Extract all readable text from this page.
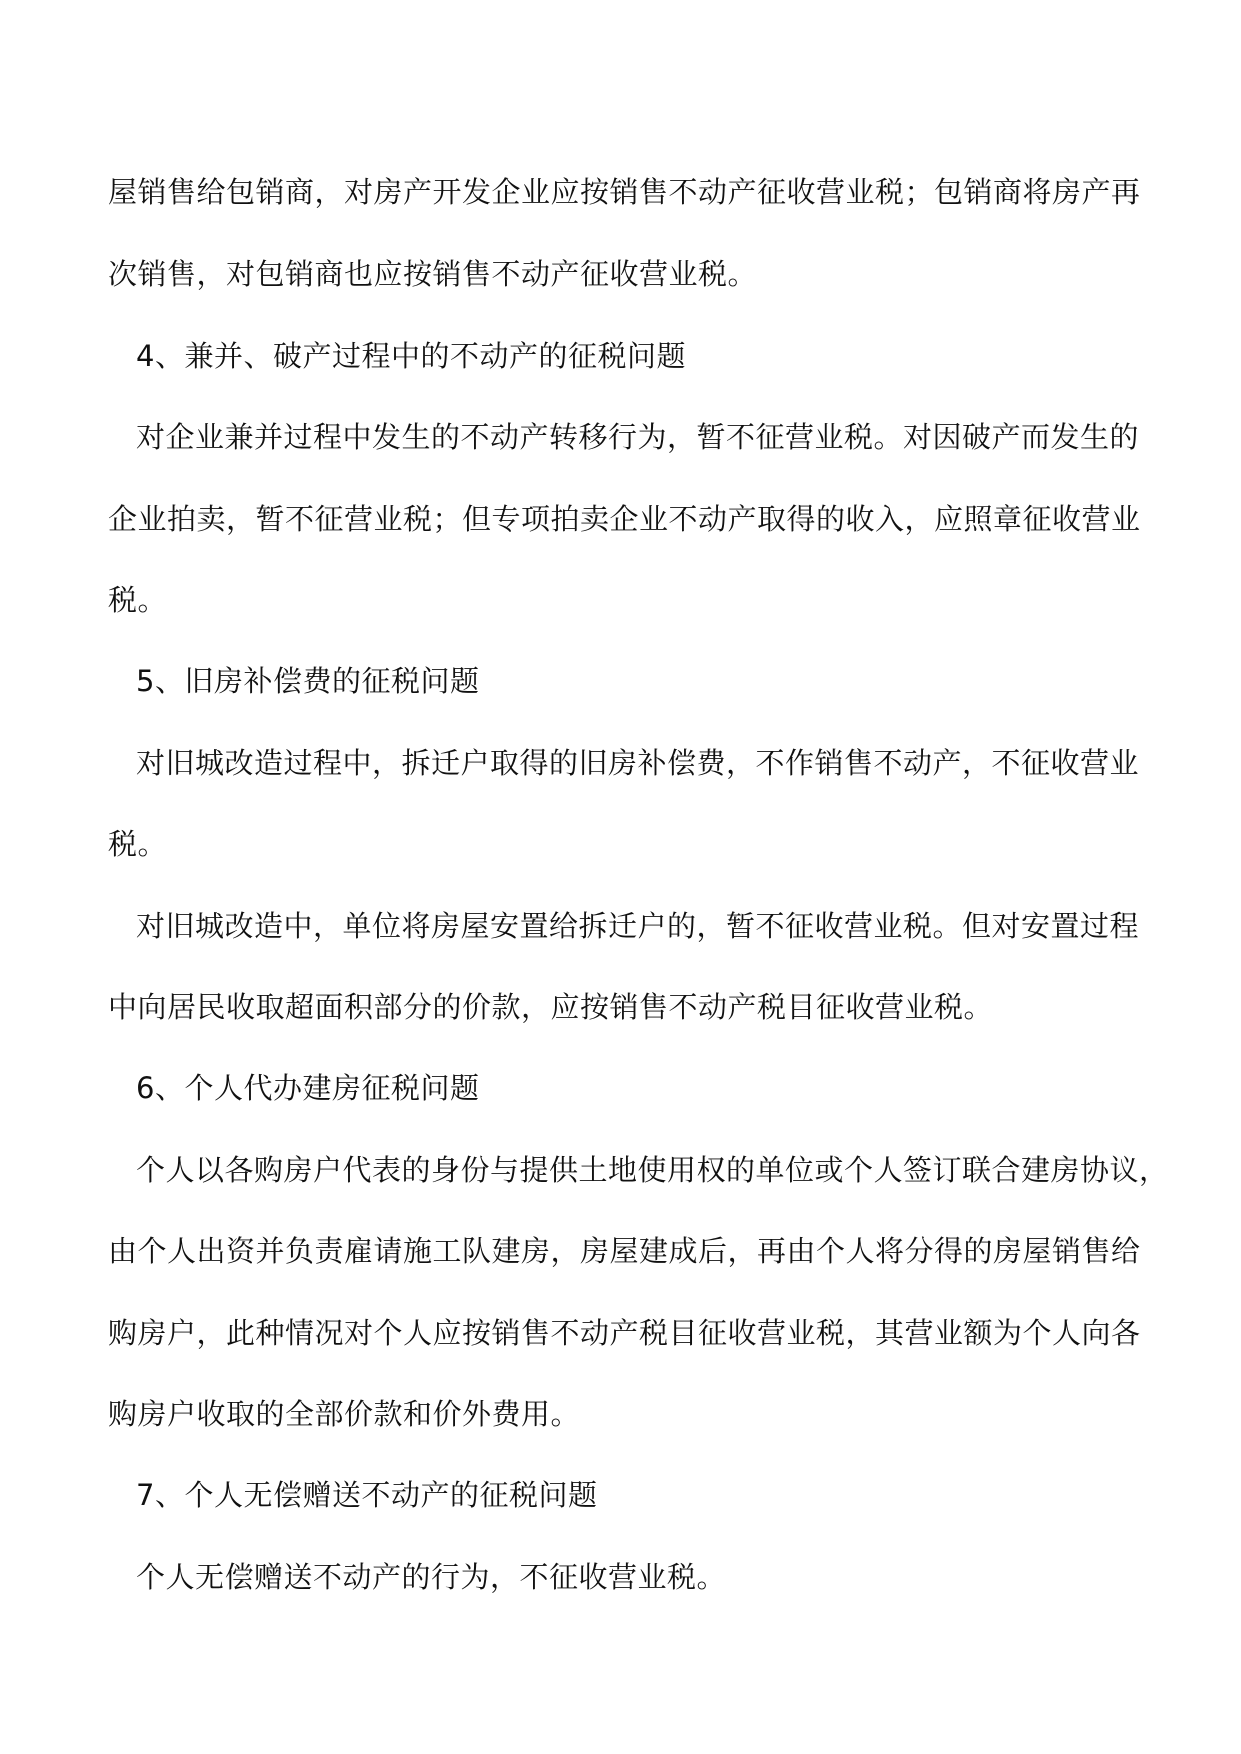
屋销售给包销商，对房产开发企业应按销售不动产征收营业税；包销商将房产再
次销售，对包销商也应按销售不动产征收营业税。
4、兼并、破产过程中的不动产的征税问题
对企业兼并过程中发生的不动产转移行为，暂不征营业税。对因破产而发生的
企业拍卖，暂不征营业税；但专项拍卖企业不动产取得的收入，应照章征收营业
税。
5、旧房补偿费的征税问题
对旧城改造过程中，拆迁户取得的旧房补偿费，不作销售不动产，不征收营业
税。
对旧城改造中，单位将房屋安置给拆迁户的，暂不征收营业税。但对安置过程
中向居民收取超面积部分的价款，应按销售不动产税目征收营业税。
6、个人代办建房征税问题
个人以各购房户代表的身份与提供土地使用权的单位或个人签订联合建房协议，
由个人出资并负责雇请施工队建房，房屋建成后，再由个人将分得的房屋销售给
购房户，此种情况对个人应按销售不动产税目征收营业税，其营业额为个人向各
购房户收取的全部价款和价外费用。
7、个人无偿赠送不动产的征税问题
个人无偿赠送不动产的行为，不征收营业税。
